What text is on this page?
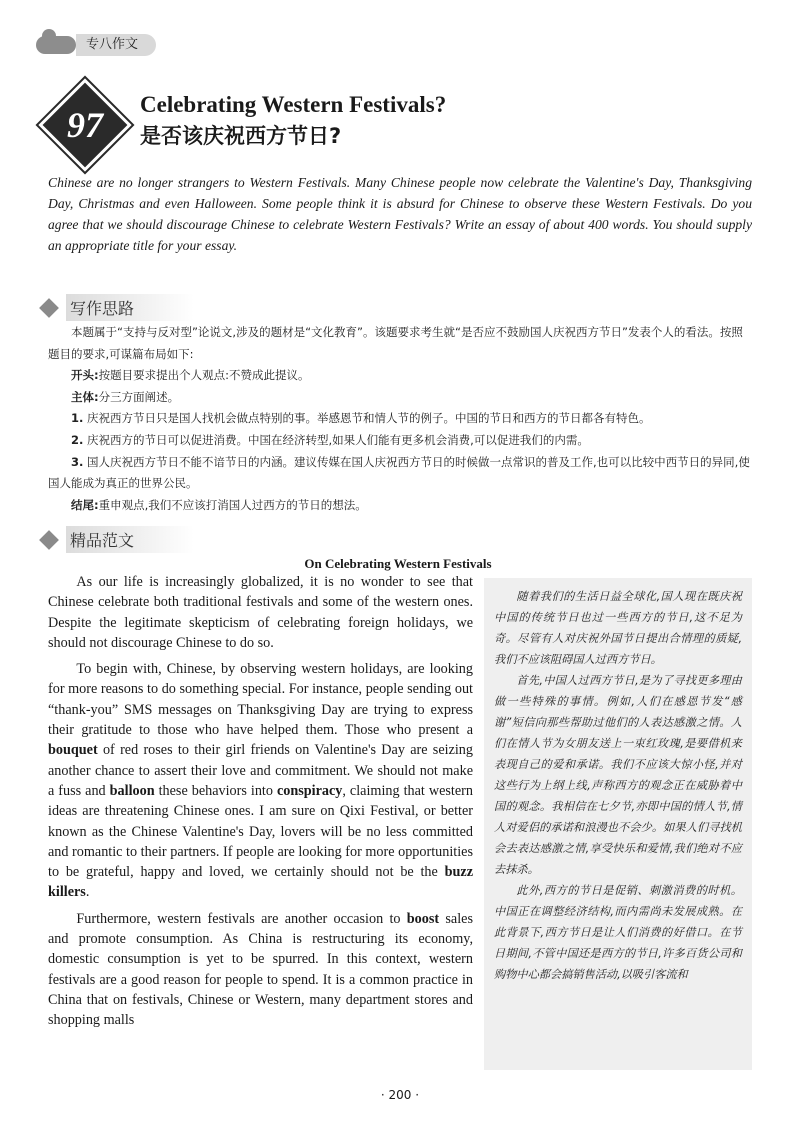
专八作文
97
Celebrating Western Festivals?
是否该庆祝西方节日?
Chinese are no longer strangers to Western Festivals. Many Chinese people now celebrate the Valentine's Day, Thanksgiving Day, Christmas and even Halloween. Some people think it is absurd for Chinese to observe these Western Festivals. Do you agree that we should discourage Chinese to celebrate Western Festivals? Write an essay of about 400 words. You should supply an appropriate title for your essay.
写作思路

本题属于“支持与反对型”论说文,涉及的题材是“文化教育”。该题要求考生就“是否应不鼓励国人庆祝西方节日”发表个人的看法。按照题目的要求,可谋篇布局如下:

开头:按题目要求提出个人观点:不赞成此提议。

主体:分三方面阐述。

1. 庆祝西方节日只是国人找机会做点特别的事。举感恩节和情人节的例子。中国的节日和西方的节日都各有特色。

2. 庆祝西方的节日可以促进消费。中国在经济转型,如果人们能有更多机会消费,可以促进我们的内需。

3. 国人庆祝西方节日不能不谙节日的内涵。建议传媒在国人庆祝西方节日的时候做一点常识的普及工作,也可以比较中西节日的异同,使国人能成为真正的世界公民。

结尾:重申观点,我们不应该打消国人过西方的节日的想法。

精品范文
On Celebrating Western Festivals

As our life is increasingly globalized, it is no wonder to see that Chinese celebrate both traditional festivals and some of the western ones. Despite the legitimate skepticism of celebrating foreign holidays, we should not discourage Chinese to do so.

To begin with, Chinese, by observing western holidays, are looking for more reasons to do something special. For instance, people sending out “thank-you” SMS messages on Thanksgiving Day are trying to express their gratitude to those who have helped them. Those who present a bouquet of red roses to their girl friends on Valentine's Day are seizing another chance to assert their love and commitment. We should not make a fuss and balloon these behaviors into conspiracy, claiming that western ideas are threatening Chinese ones. I am sure on Qixi Festival, or better known as the Chinese Valentine's Day, lovers will be no less committed and romantic to their partners. If people are looking for more opportunities to be grateful, happy and loved, we certainly should not be the buzz killers.

Furthermore, western festivals are another occasion to boost sales and promote consumption. As China is restructuring its economy, domestic consumption is yet to be spurred. In this context, western festivals are a good reason for people to spend. It is a common practice in China that on festivals, Chinese or Western, many department stores and shopping malls

随着我们的生活日益全球化,国人现在既庆祝中国的传统节日也过一些西方的节日,这不足为奇。尽管有人对庆祝外国节日提出合情理的质疑,我们不应该阻碍国人过西方节日。

首先,中国人过西方节日,是为了寻找更多理由做一些特殊的事情。例如,人们在感恩节发“感谢”短信向那些帮助过他们的人表达感激之情。人们在情人节为女朋友送上一束红玫瑰,是要借机来表现自己的爱和承诺。我们不应该大惊小怪,并对这些行为上纲上线,声称西方的观念正在威胁着中国的观念。我相信在七夕节,亦即中国的情人节,情人对爱侣的承诺和浪漫也不会少。如果人们寻找机会去表达感激之情,享受快乐和爱情,我们绝对不应去抹杀。

此外,西方的节日是促销、刺激消费的时机。中国正在调整经济结构,而内需尚未发展成熟。在此背景下,西方节日是让人们消费的好借口。在节日期间,不管中国还是西方的节日,许多百货公司和购物中心都会搞销售活动,以吸引客流和

· 200 ·
